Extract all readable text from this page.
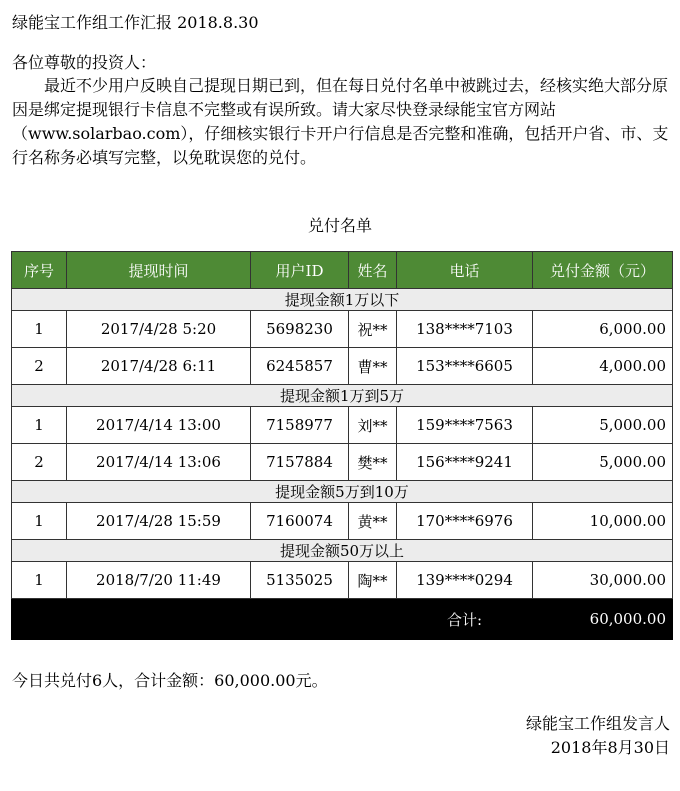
绿能宝工作组工作汇报 2018.8.30
各位尊敬的投资人：
最近不少用户反映自己提现日期已到，但在每日兑付名单中被跳过去，经核实绝大部分原因是绑定提现银行卡信息不完整或有误所致。请大家尽快登录绿能宝官方网站（www.solarbao.com），仔细核实银行卡开户行信息是否完整和准确，包括开户省、市、支行名称务必填写完整，以免耽误您的兑付。
兑付名单
序号	提现时间	用户ID	姓名	电话	兑付金额（元）
提现金额1万以下					
1	2017/4/28 5:20	5698230	祝**	138****7103	6,000.00
2	2017/4/28 6:11	6245857	曹**	153****6605	4,000.00
提现金额1万到5万					
1	2017/4/14 13:00	7158977	刘**	159****7563	5,000.00
2	2017/4/14 13:06	7157884	樊**	156****9241	5,000.00
提现金额5万到10万					
1	2017/4/28 15:59	7160074	黄**	170****6976	10,000.00
提现金额50万以上					
1	2018/7/20 11:49	5135025	陶**	139****0294	30,000.00
				合计:	60,000.00
今日共兑付6人，合计金额：60,000.00元。
绿能宝工作组发言人
2018年8月30日
